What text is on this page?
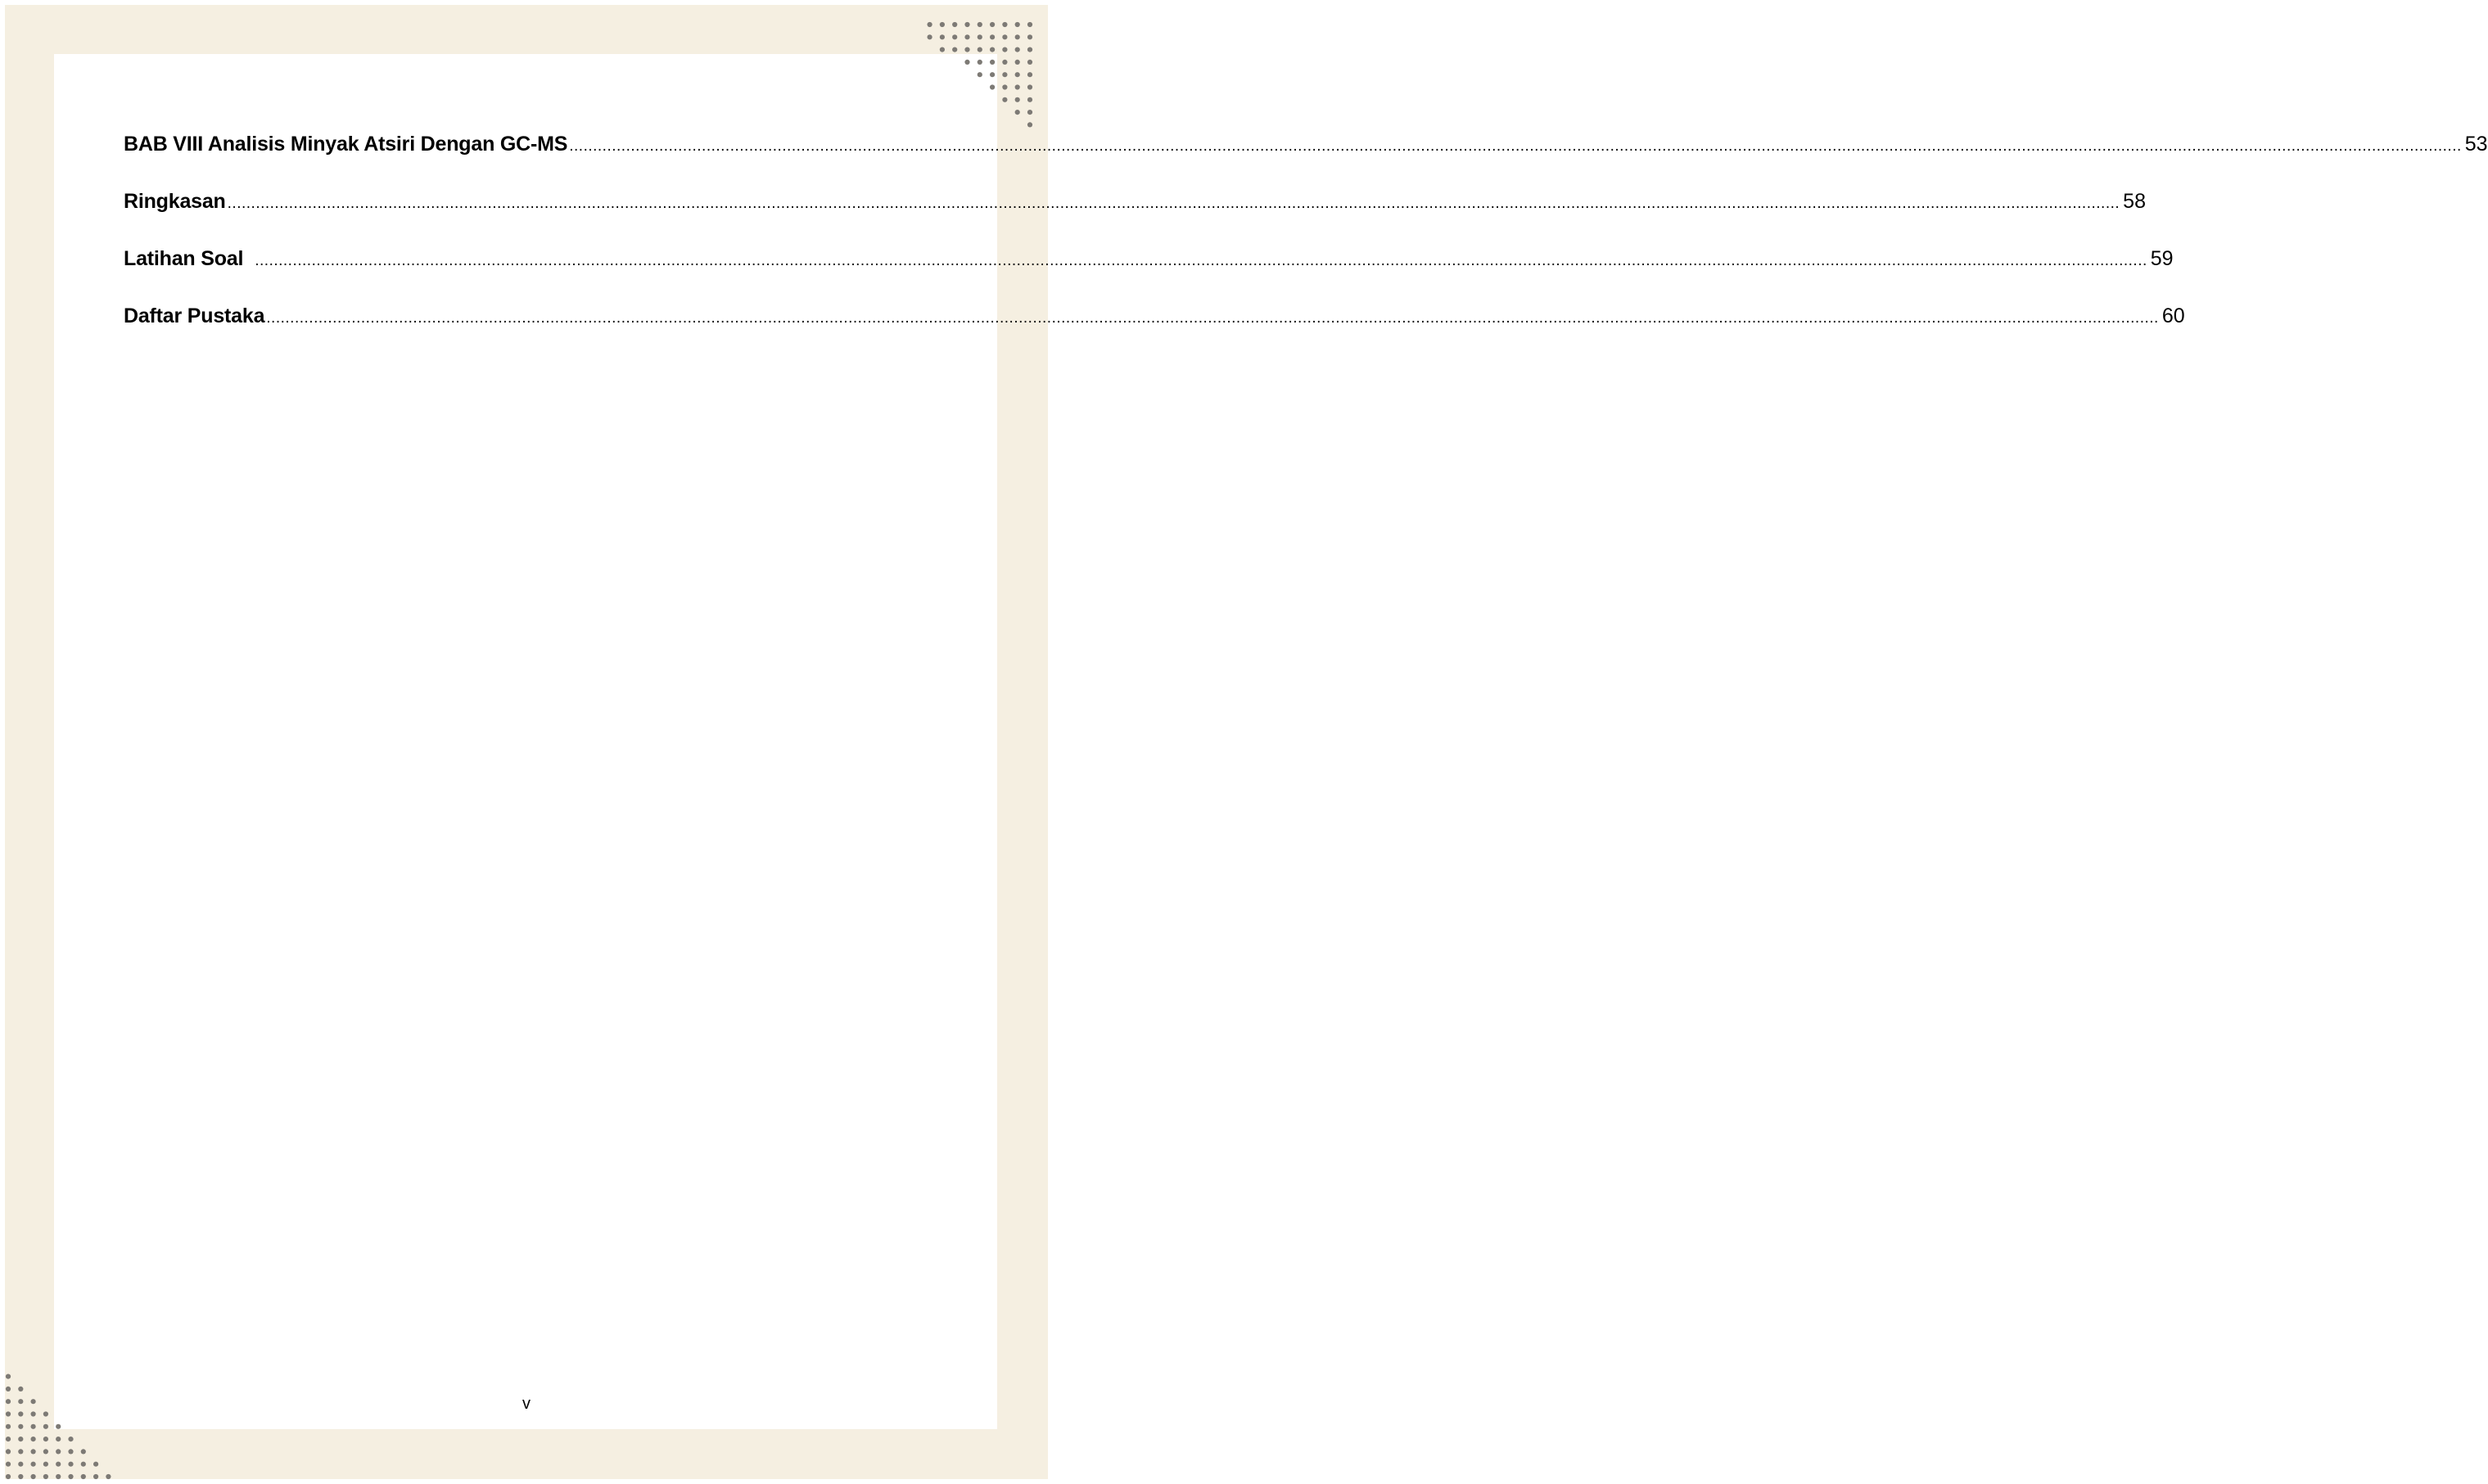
BAB VIII Analisis Minyak Atsiri Dengan GC-MS ................................................................................................................................................................................................................................................................................................................................................................................................................ 53
Ringkasan ................................................................................................................................................................................................................................................................................................................................................................................................................ 58
Latihan Soal ................................................................................................................................................................................................................................................................................................................................................................................................................ 59
Daftar Pustaka ................................................................................................................................................................................................................................................................................................................................................................................................................ 60
v
